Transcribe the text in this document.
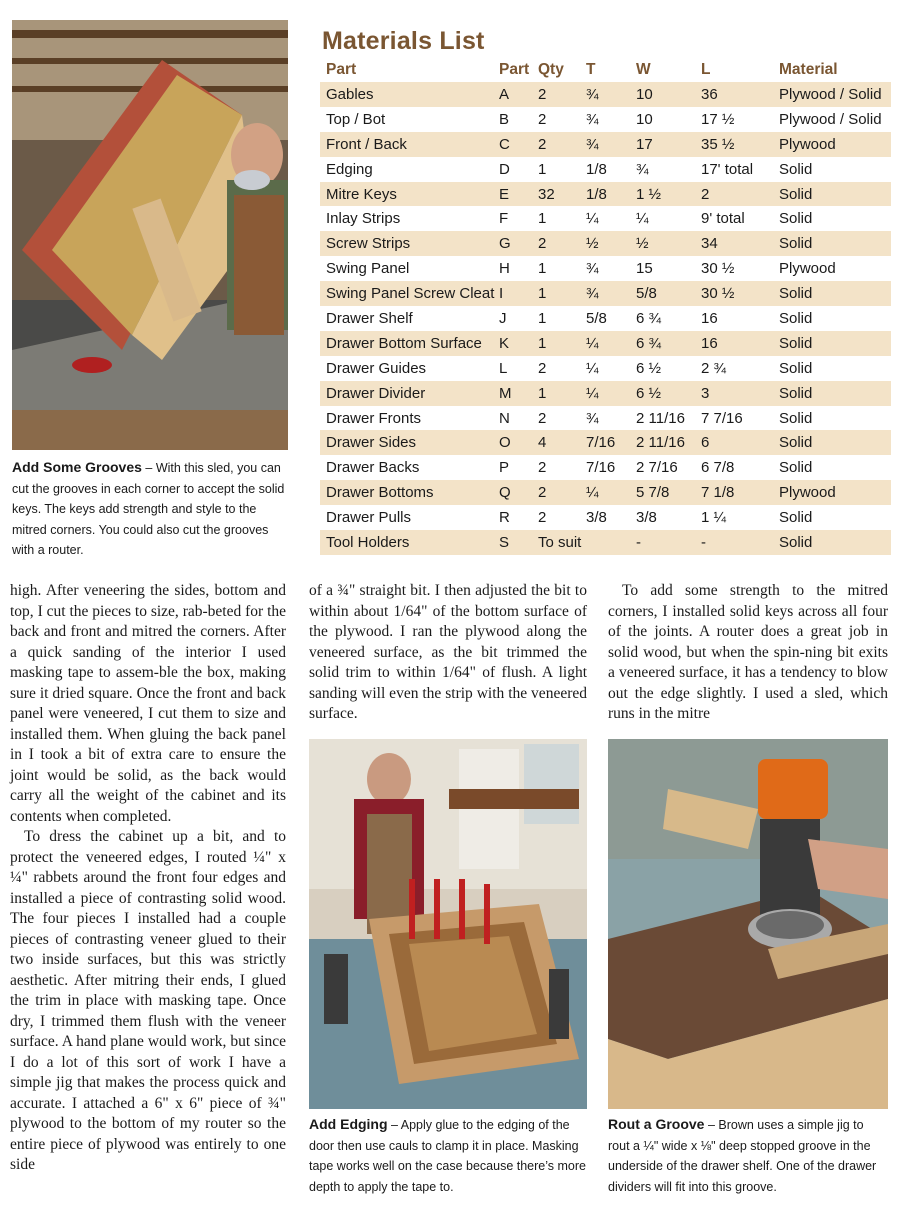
Add Some Grooves – With this sled, you can cut the grooves in each corner to accept the solid keys. The keys add strength and style to the mitred corners. You could also cut the grooves with a router.
Materials List
Part	Part	Qty	T	W	L	Material
Gables	A	2	¾	10	36	Plywood / Solid
Top / Bot	B	2	¾	10	17 ½	Plywood / Solid
Front / Back	C	2	¾	17	35 ½	Plywood
Edging	D	1	1/8	¾	17' total	Solid
Mitre Keys	E	32	1/8	1 ½	2	Solid
Inlay Strips	F	1	¼	¼	9' total	Solid
Screw Strips	G	2	½	½	34	Solid
Swing Panel	H	1	¾	15	30 ½	Plywood
Swing Panel Screw Cleat	I	1	¾	5/8	30 ½	Solid
Drawer Shelf	J	1	5/8	6 ¾	16	Solid
Drawer Bottom Surface	K	1	¼	6 ¾	16	Solid
Drawer Guides	L	2	¼	6 ½	2 ¾	Solid
Drawer Divider	M	1	¼	6 ½	3	Solid
Drawer Fronts	N	2	¾	2 11/16	7 7/16	Solid
Drawer Sides	O	4	7/16	2 11/16	6	Solid
Drawer Backs	P	2	7/16	2 7/16	6 7/8	Solid
Drawer Bottoms	Q	2	¼	5 7/8	7 1/8	Plywood
Drawer Pulls	R	2	3/8	3/8	1 ¼	Solid
Tool Holders	S	To suit		-	-	Solid

high. After veneering the sides, bottom and top, I cut the pieces to size, rab-beted for the back and front and mitred the corners. After a quick sanding of the interior I used masking tape to assem-ble the box, making sure it dried square. Once the front and back panel were veneered, I cut them to size and installed them. When gluing the back panel in I took a bit of extra care to ensure the joint would be solid, as the back would carry all the weight of the cabinet and its contents when completed.

To dress the cabinet up a bit, and to protect the veneered edges, I routed ¼" x ¼" rabbets around the front four edges and installed a piece of contrasting solid wood. The four pieces I installed had a couple pieces of contrasting veneer glued to their two inside surfaces, but this was strictly aesthetic. After mitring their ends, I glued the trim in place with masking tape. Once dry, I trimmed them flush with the veneer surface. A hand plane would work, but since I do a lot of this sort of work I have a simple jig that makes the process quick and accurate. I attached a 6" x 6" piece of ¾" plywood to the bottom of my router so the entire piece of plywood was entirely to one side

of a ¾" straight bit. I then adjusted the bit to within about 1/64" of the bottom surface of the plywood. I ran the plywood along the veneered surface, as the bit trimmed the solid trim to within 1/64" of flush. A light sanding will even the strip with the veneered surface.

To add some strength to the mitred corners, I installed solid keys across all four of the joints. A router does a great job in solid wood, but when the spin-ning bit exits a veneered surface, it has a tendency to blow out the edge slightly. I used a sled, which runs in the mitre

Add Edging – Apply glue to the edging of the door then use cauls to clamp it in place. Masking tape works well on the case because there’s more depth to apply the tape to.
Rout a Groove – Brown uses a simple jig to rout a ¼" wide x ⅛" deep stopped groove in the underside of the drawer shelf. One of the drawer dividers will fit into this groove.
